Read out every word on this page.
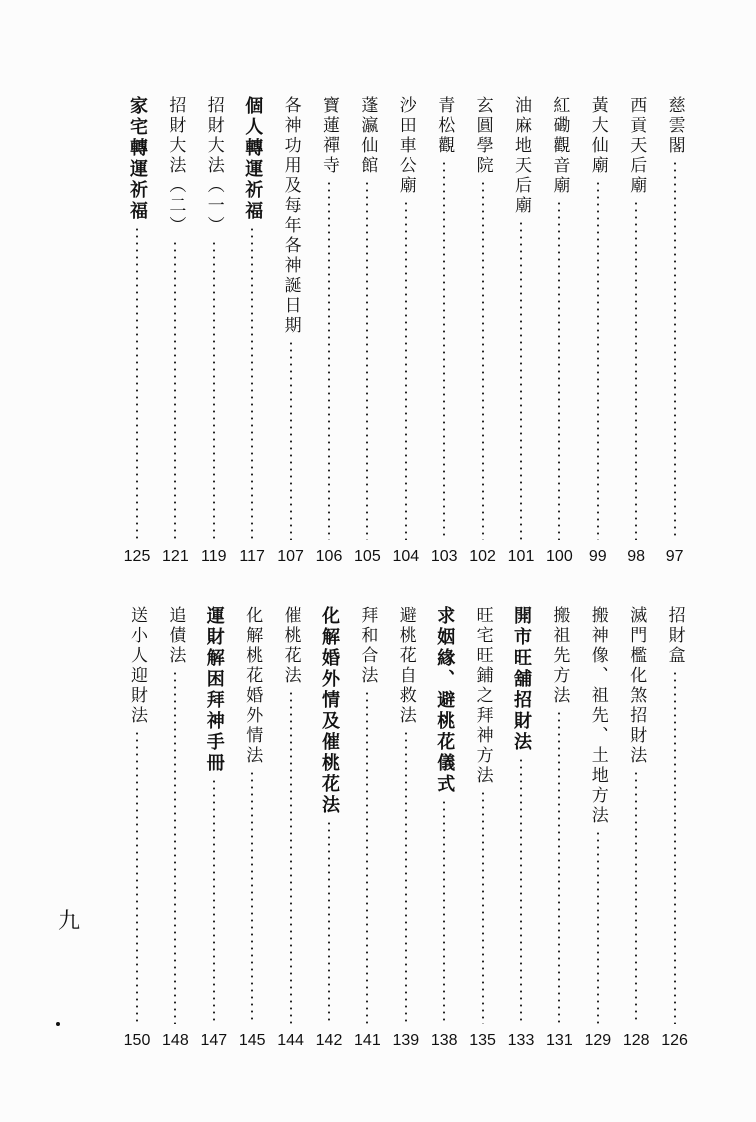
家宅轉運祈福
125
招財大法（二）
121
招財大法（一）
119
個人轉運祈福
117
各神功用及每年各神誕日期
107
寶蓮禪寺
106
蓬瀛仙館
105
沙田車公廟
104
青松觀
103
玄圓學院
102
油麻地天后廟
101
紅磡觀音廟
100
黃大仙廟
99
西貢天后廟
98
慈雲閣
97
送小人迎財法
150
追債法
148
運財解困拜神手冊
147
化解桃花婚外情法
145
催桃花法
144
化解婚外情及催桃花法
142
拜和合法
141
避桃花自救法
139
求姻緣、避桃花儀式
138
旺宅旺鋪之拜神方法
135
開市旺舖招財法
133
搬祖先方法
131
搬神像、祖先、土地方法
129
滅門檻化煞招財法
128
招財盒
126
九
